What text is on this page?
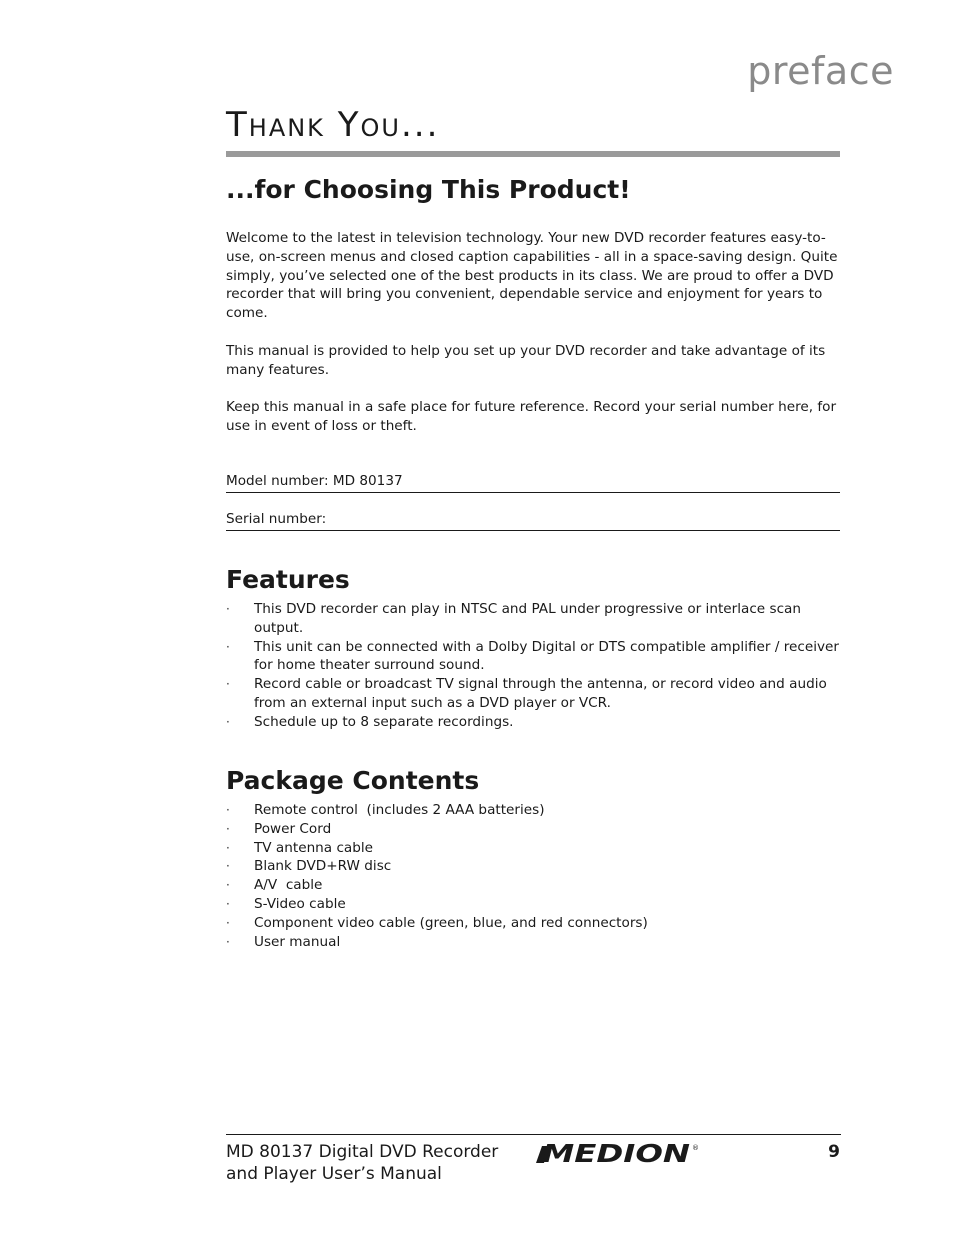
preface
Thank You...
...for Choosing This Product!

Welcome to the latest in television technology. Your new DVD recorder features easy-to-use, on-screen menus and closed caption capabilities - all in a space-saving design. Quite simply, you’ve selected one of the best products in its class. We are proud to offer a DVD recorder that will bring you convenient, dependable service and enjoyment for years to come.

This manual is provided to help you set up your DVD recorder and take advantage of its many features.

Keep this manual in a safe place for future reference. Record your serial number here, for use in event of loss or theft.

Model number: MD 80137
Serial number:
Features
·	This DVD recorder can play in NTSC and PAL under progressive or interlace scan output.
·	This unit can be connected with a Dolby Digital or DTS compatible amplifier / receiver for home theater surround sound.
·	Record cable or broadcast TV signal through the antenna, or record video and audio from an external input such as a DVD player or VCR.
·	Schedule up to 8 separate recordings.
Package Contents
·	Remote control  (includes 2 AAA batteries)
·	Power Cord
·	TV antenna cable
·	Blank DVD+RW disc
·	A/V  cable
·	S-Video cable
·	Component video cable (green, blue, and red connectors)
·	User manual
MD 80137 Digital DVD Recorder
and Player User’s Manual
MEDION ®	9
